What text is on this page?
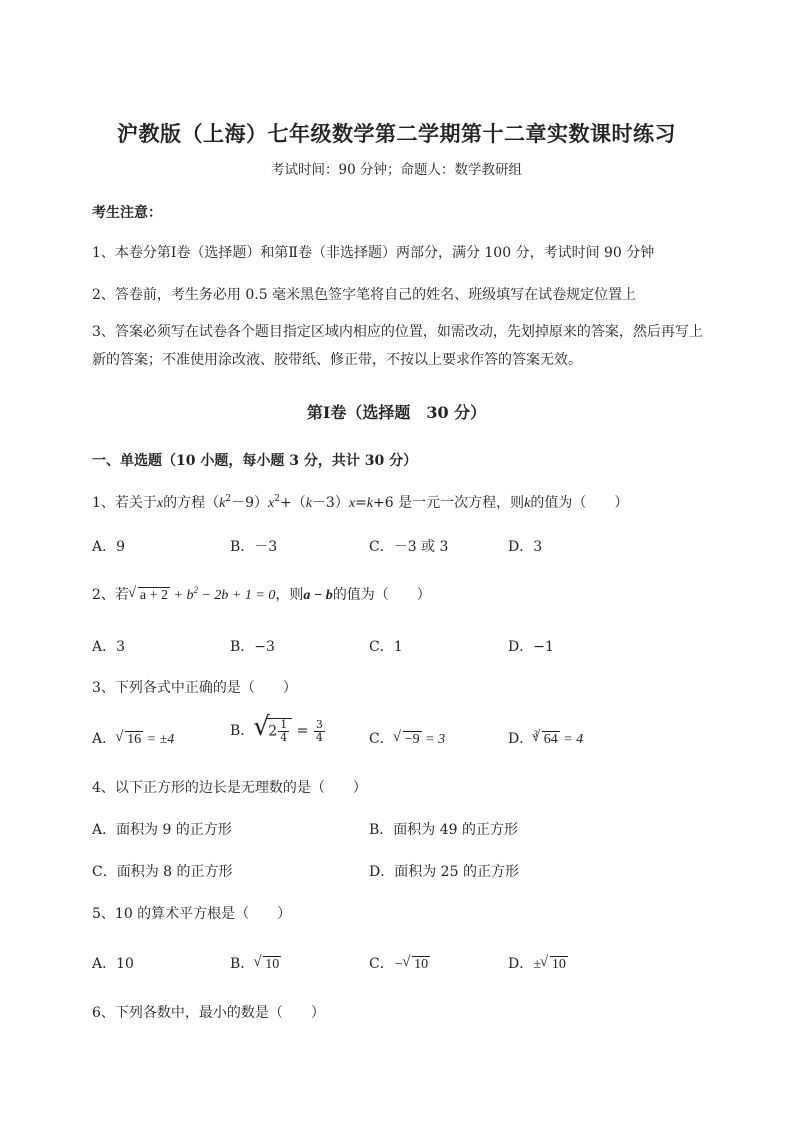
沪教版（上海）七年级数学第二学期第十二章实数课时练习
考试时间：90 分钟；命题人：数学教研组
考生注意：
1、本卷分第Ⅰ卷（选择题）和第Ⅱ卷（非选择题）两部分，满分 100 分，考试时间 90 分钟
2、答卷前，考生务必用 0.5 毫米黑色签字笔将自己的姓名、班级填写在试卷规定位置上
3、答案必须写在试卷各个题目指定区域内相应的位置，如需改动，先划掉原来的答案，然后再写上新的答案；不准使用涂改液、胶带纸、修正带，不按以上要求作答的答案无效。
第Ⅰ卷（选择题　30 分）
一、单选题（10 小题，每小题 3 分，共计 30 分）
1、若关于x的方程$(k^2-9)x^2+(k-3)x=k+6$ 是一元一次方程，则k的值为（　　）
A．9	B．－3	C．－3 或 3	D．3
2、若 √ $a + 2 + b^2 - 2b + 1 = 0$，则a − b的值为（　　）
A．3	B．−3	C．1	D．−1
3、下列各式中正确的是（　　）
A． √ 16 = ±4
B． √ $2 \frac{1}{4} = \frac{3}{4}$	C． √ −9 = 3	D．$^3$ √ 64 = 4
4、以下正方形的边长是无理数的是（　　）
A．面积为 9 的正方形	B．面积为 49 的正方形
C．面积为 8 的正方形	D．面积为 25 的正方形
5、10 的算术平方根是（　　）
A．10	B． √ 10	C．− √ 10	D．± √ 10
6、下列各数中，最小的数是（　　）
